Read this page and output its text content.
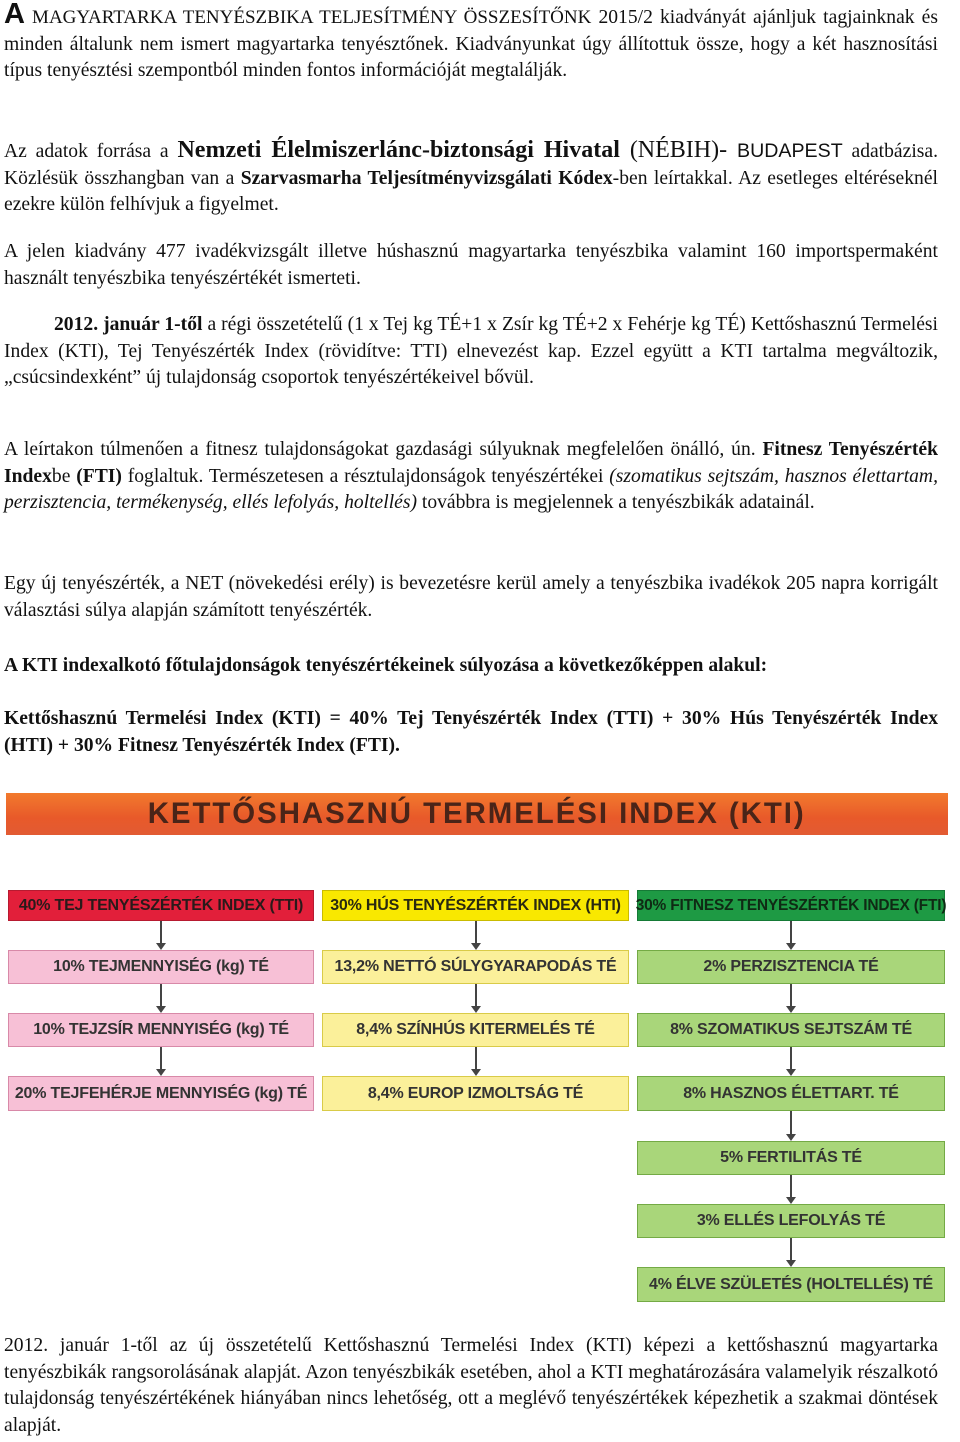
A MAGYARTARKA TENYÉSZBIKA TELJESÍTMÉNY ÖSSZESÍTŐNK 2015/2 kiadványát ajánljuk tagjainknak és minden általunk nem ismert magyartarka tenyésztőnek. Kiadványunkat úgy állítottuk össze, hogy a két hasznosítási típus tenyésztési szempontból minden fontos információját megtalálják.

Az adatok forrása a Nemzeti Élelmiszerlánc-biztonsági Hivatal (NÉBIH)- BUDAPEST adatbázisa. Közlésük összhangban van a Szarvasmarha Teljesítményvizsgálati Kódex-ben leírtakkal. Az esetleges eltéréseknél ezekre külön felhívjuk a figyelmet.

A jelen kiadvány 477 ivadékvizsgált illetve húshasznú magyartarka tenyészbika valamint 160 importspermaként használt tenyészbika tenyészértékét ismerteti.

2012. január 1-től a régi összetételű (1 x Tej kg TÉ+1 x Zsír kg TÉ+2 x Fehérje kg TÉ) Kettőshasznú Termelési Index (KTI), Tej Tenyészérték Index (rövidítve: TTI) elnevezést kap. Ezzel együtt a KTI tartalma megváltozik, „csúcsindexként” új tulajdonság csoportok tenyészértékeivel bővül.

A leírtakon túlmenően a fitnesz tulajdonságokat gazdasági súlyuknak megfelelően önálló, ún. Fitnesz Tenyészérték Indexbe (FTI) foglaltuk. Természetesen a résztulajdonságok tenyészértékei (szomatikus sejtszám, hasznos élettartam, perzisztencia, termékenység, ellés lefolyás, holtellés) továbbra is megjelennek a tenyészbikák adatainál.

Egy új tenyészérték, a NET (növekedési erély) is bevezetésre kerül amely a tenyészbika ivadékok 205 napra korrigált választási súlya alapján számított tenyészérték.

A KTI indexalkotó főtulajdonságok tenyészértékeinek súlyozása a következőképpen alakul:

Kettőshasznú Termelési Index (KTI) = 40% Tej Tenyészérték Index (TTI) + 30% Hús Tenyészérték Index (HTI) + 30% Fitnesz Tenyészérték Index (FTI).

KETTŐSHASZNÚ TERMELÉSI INDEX (KTI)
40% TEJ TENYÉSZÉRTÉK INDEX (TTI)	30% HÚS TENYÉSZÉRTÉK INDEX (HTI) 30% FITNESZ TENYÉSZÉRTÉK INDEX (FTI)
10% TEJMENNYISÉG (kg) TÉ
10% TEJZSÍR MENNYISÉG (kg) TÉ
20% TEJFEHÉRJE MENNYISÉG (kg) TÉ
13,2% NETTÓ SÚLYGYARAPODÁS TÉ
8,4% SZÍNHÚS KITERMELÉS TÉ
8,4% EUROP IZMOLTSÁG TÉ
2% PERZISZTENCIA TÉ
8% SZOMATIKUS SEJTSZÁM TÉ
8% HASZNOS ÉLETTART. TÉ
5% FERTILITÁS TÉ
3% ELLÉS LEFOLYÁS TÉ
4% ÉLVE SZÜLETÉS (HOLTELLÉS) TÉ

2012. január 1-től az új összetételű Kettőshasznú Termelési Index (KTI) képezi a kettőshasznú magyartarka tenyészbikák rangsorolásának alapját. Azon tenyészbikák esetében, ahol a KTI meghatározására valamelyik részalkotó tulajdonság tenyészértékének hiányában nincs lehetőség, ott a meglévő tenyészértékek képezhetik a szakmai döntések alapját.
